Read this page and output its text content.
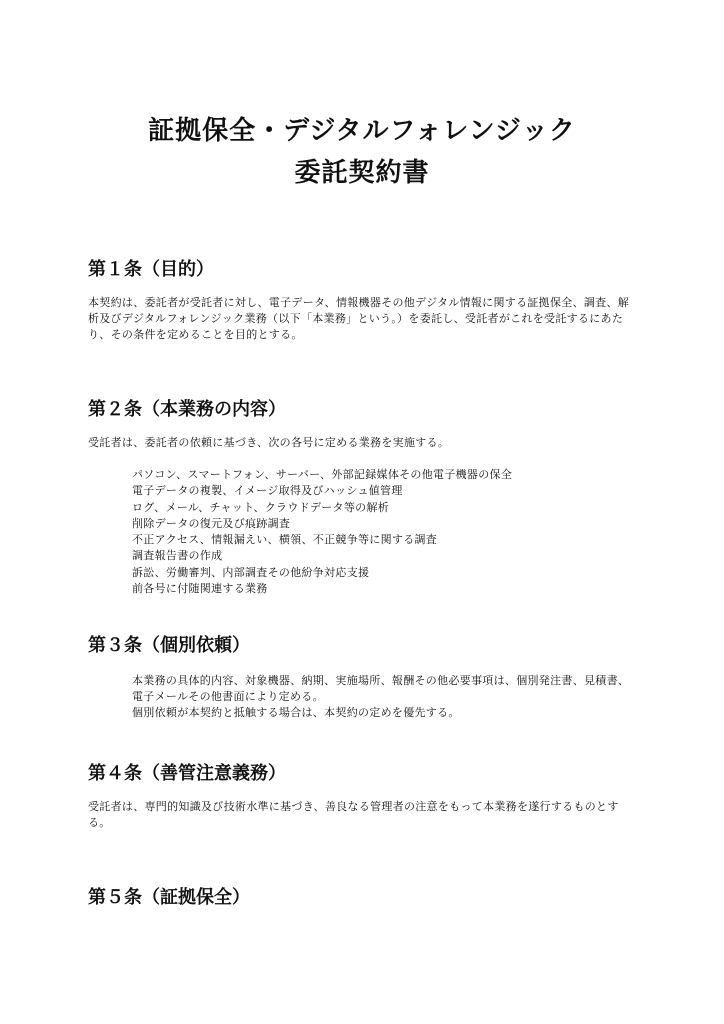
証拠保全・デジタルフォレンジック
委託契約書
第１条（目的）
本契約は、委託者が受託者に対し、電子データ、情報機器その他デジタル情報に関する証拠保全、調査、解析及びデジタルフォレンジック業務（以下「本業務」という。）を委託し、受託者がこれを受託するにあたり、その条件を定めることを目的とする。
第２条（本業務の内容）
受託者は、委託者の依頼に基づき、次の各号に定める業務を実施する。
パソコン、スマートフォン、サーバー、外部記録媒体その他電子機器の保全
電子データの複製、イメージ取得及びハッシュ値管理
ログ、メール、チャット、クラウドデータ等の解析
削除データの復元及び痕跡調査
不正アクセス、情報漏えい、横領、不正競争等に関する調査
調査報告書の作成
訴訟、労働審判、内部調査その他紛争対応支援
前各号に付随関連する業務
第３条（個別依頼）

本業務の具体的内容、対象機器、納期、実施場所、報酬その他必要事項は、個別発注書、見積書、電子メールその他書面により定める。

個別依頼が本契約と抵触する場合は、本契約の定めを優先する。

第４条（善管注意義務）
受託者は、専門的知識及び技術水準に基づき、善良なる管理者の注意をもって本業務を遂行するものとする。
第５条（証拠保全）
